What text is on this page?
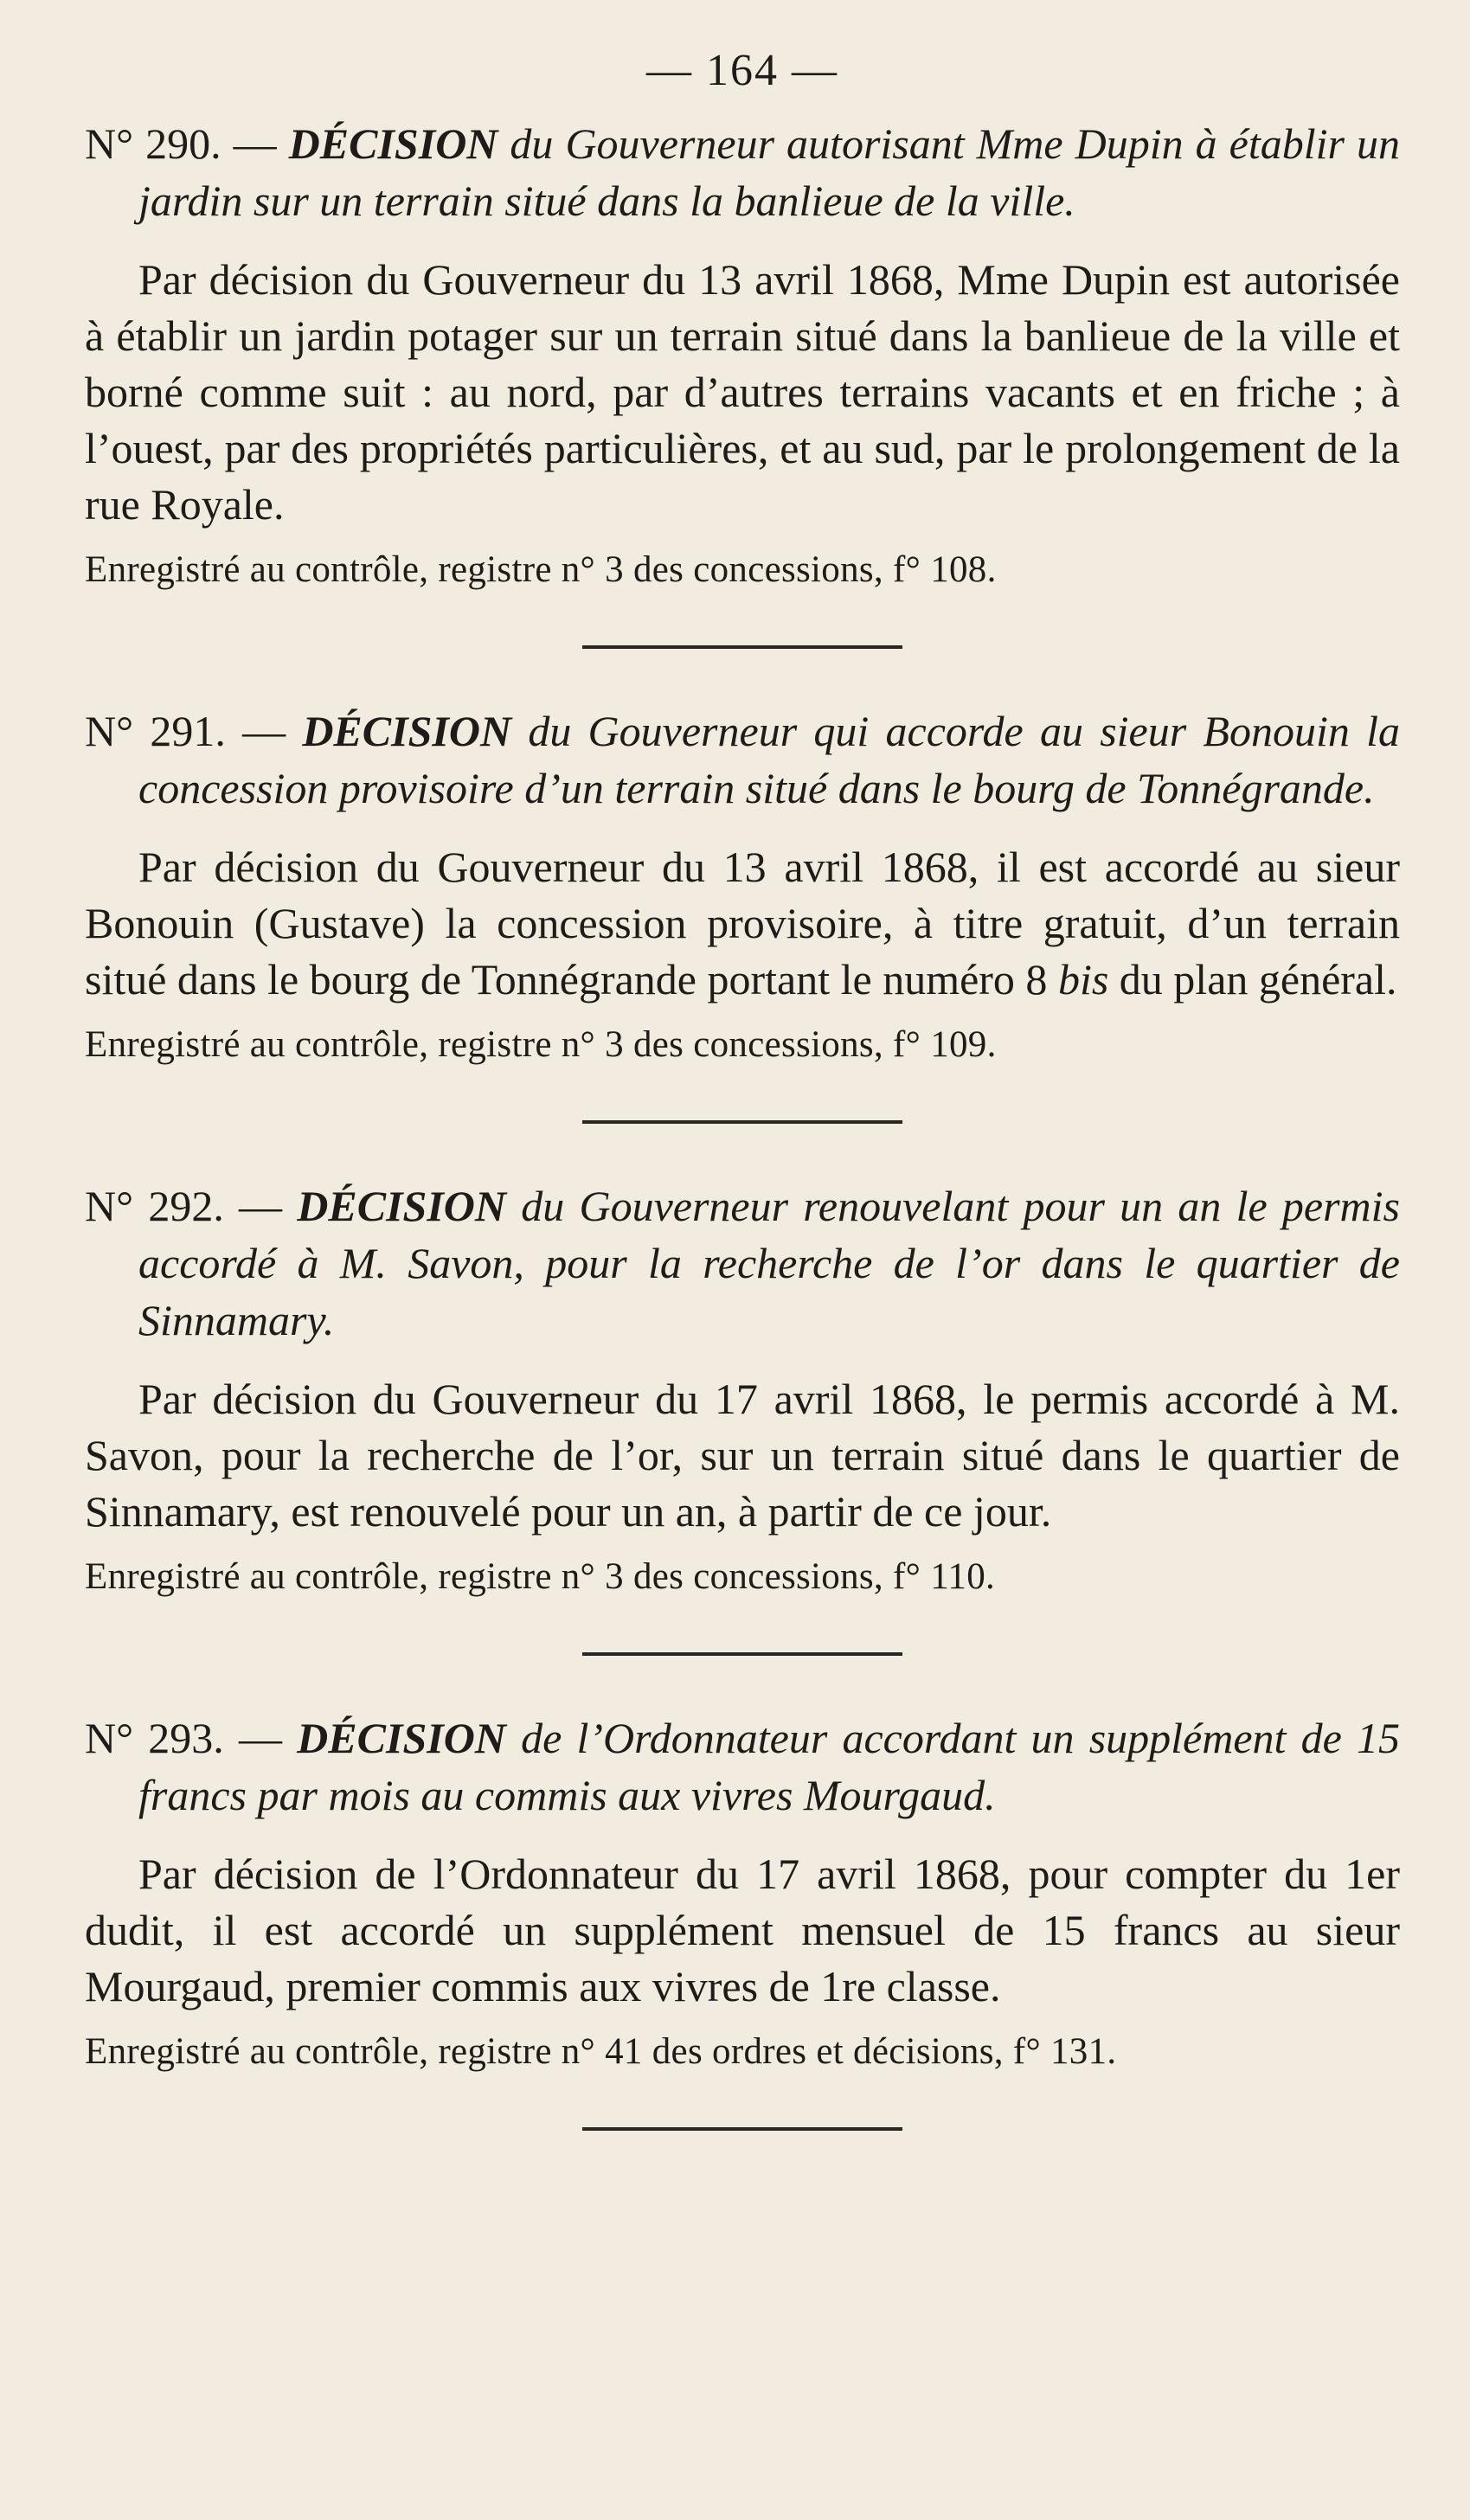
— 164 —

N° 290. — DÉCISION du Gouverneur autorisant Mme Dupin à établir un jardin sur un terrain situé dans la banlieue de la ville.

Par décision du Gouverneur du 13 avril 1868, Mme Dupin est autorisée à établir un jardin potager sur un terrain situé dans la banlieue de la ville et borné comme suit : au nord, par d’autres terrains vacants et en friche ; à l’ouest, par des propriétés particulières, et au sud, par le prolongement de la rue Royale.

Enregistré au contrôle, registre n° 3 des concessions, f° 108.

N° 291. — DÉCISION du Gouverneur qui accorde au sieur Bonouin la concession provisoire d’un terrain situé dans le bourg de Tonnégrande.

Par décision du Gouverneur du 13 avril 1868, il est accordé au sieur Bonouin (Gustave) la concession provisoire, à titre gratuit, d’un terrain situé dans le bourg de Tonnégrande portant le numéro 8 bis du plan général.

Enregistré au contrôle, registre n° 3 des concessions, f° 109.

N° 292. — DÉCISION du Gouverneur renouvelant pour un an le permis accordé à M. Savon, pour la recherche de l’or dans le quartier de Sinnamary.

Par décision du Gouverneur du 17 avril 1868, le permis accordé à M. Savon, pour la recherche de l’or, sur un terrain situé dans le quartier de Sinnamary, est renouvelé pour un an, à partir de ce jour.

Enregistré au contrôle, registre n° 3 des concessions, f° 110.

N° 293. — DÉCISION de l’Ordonnateur accordant un supplément de 15 francs par mois au commis aux vivres Mourgaud.

Par décision de l’Ordonnateur du 17 avril 1868, pour compter du 1er dudit, il est accordé un supplément mensuel de 15 francs au sieur Mourgaud, premier commis aux vivres de 1re classe.

Enregistré au contrôle, registre n° 41 des ordres et décisions, f° 131.
